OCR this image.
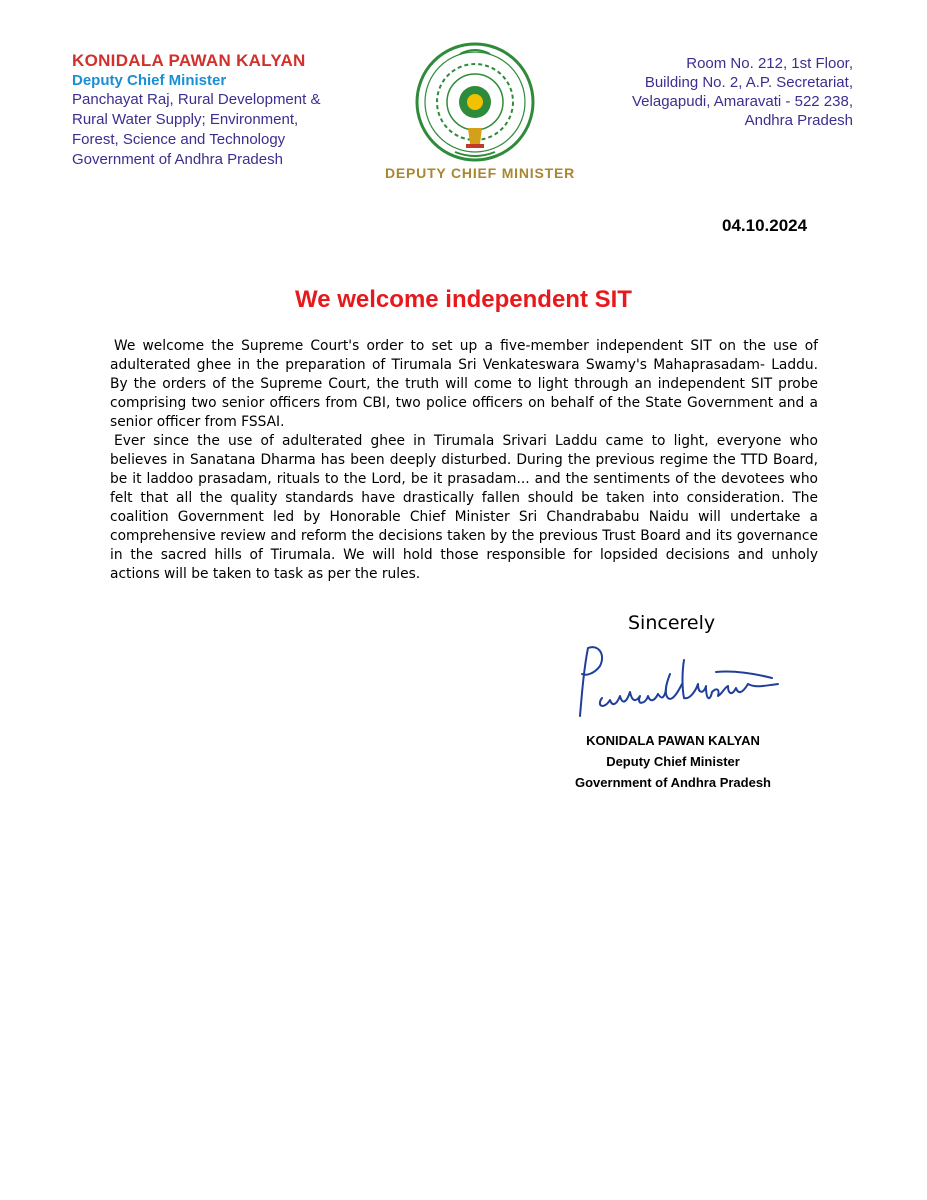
KONIDALA PAWAN KALYAN
Deputy Chief Minister
Panchayat Raj, Rural Development &
Rural Water Supply; Environment,
Forest, Science and Technology
Government of Andhra Pradesh
DEPUTY CHIEF MINISTER
Room No. 212, 1st Floor,
Building No. 2, A.P. Secretariat,
Velagapudi, Amaravati - 522 238,
Andhra Pradesh
04.10.2024
We welcome independent SIT

We welcome the Supreme Court's order to set up a five-member independent SIT on the use of adulterated ghee in the preparation of Tirumala Sri Venkateswara Swamy's Mahaprasadam- Laddu. By the orders of the Supreme Court, the truth will come to light through an independent SIT probe comprising two senior officers from CBI, two police officers on behalf of the State Government and a senior officer from FSSAI.

Ever since the use of adulterated ghee in Tirumala Srivari Laddu came to light, everyone who believes in Sanatana Dharma has been deeply disturbed. During the previous regime the TTD Board, be it laddoo prasadam, rituals to the Lord, be it prasadam... and the sentiments of the devotees who felt that all the quality standards have drastically fallen should be taken into consideration. The coalition Government led by Honorable Chief Minister Sri Chandrababu Naidu will undertake a comprehensive review and reform the decisions taken by the previous Trust Board and its governance in the sacred hills of Tirumala. We will hold those responsible for lopsided decisions and unholy actions will be taken to task as per the rules.

Sincerely
KONIDALA PAWAN KALYAN
Deputy Chief Minister
Government of Andhra Pradesh
